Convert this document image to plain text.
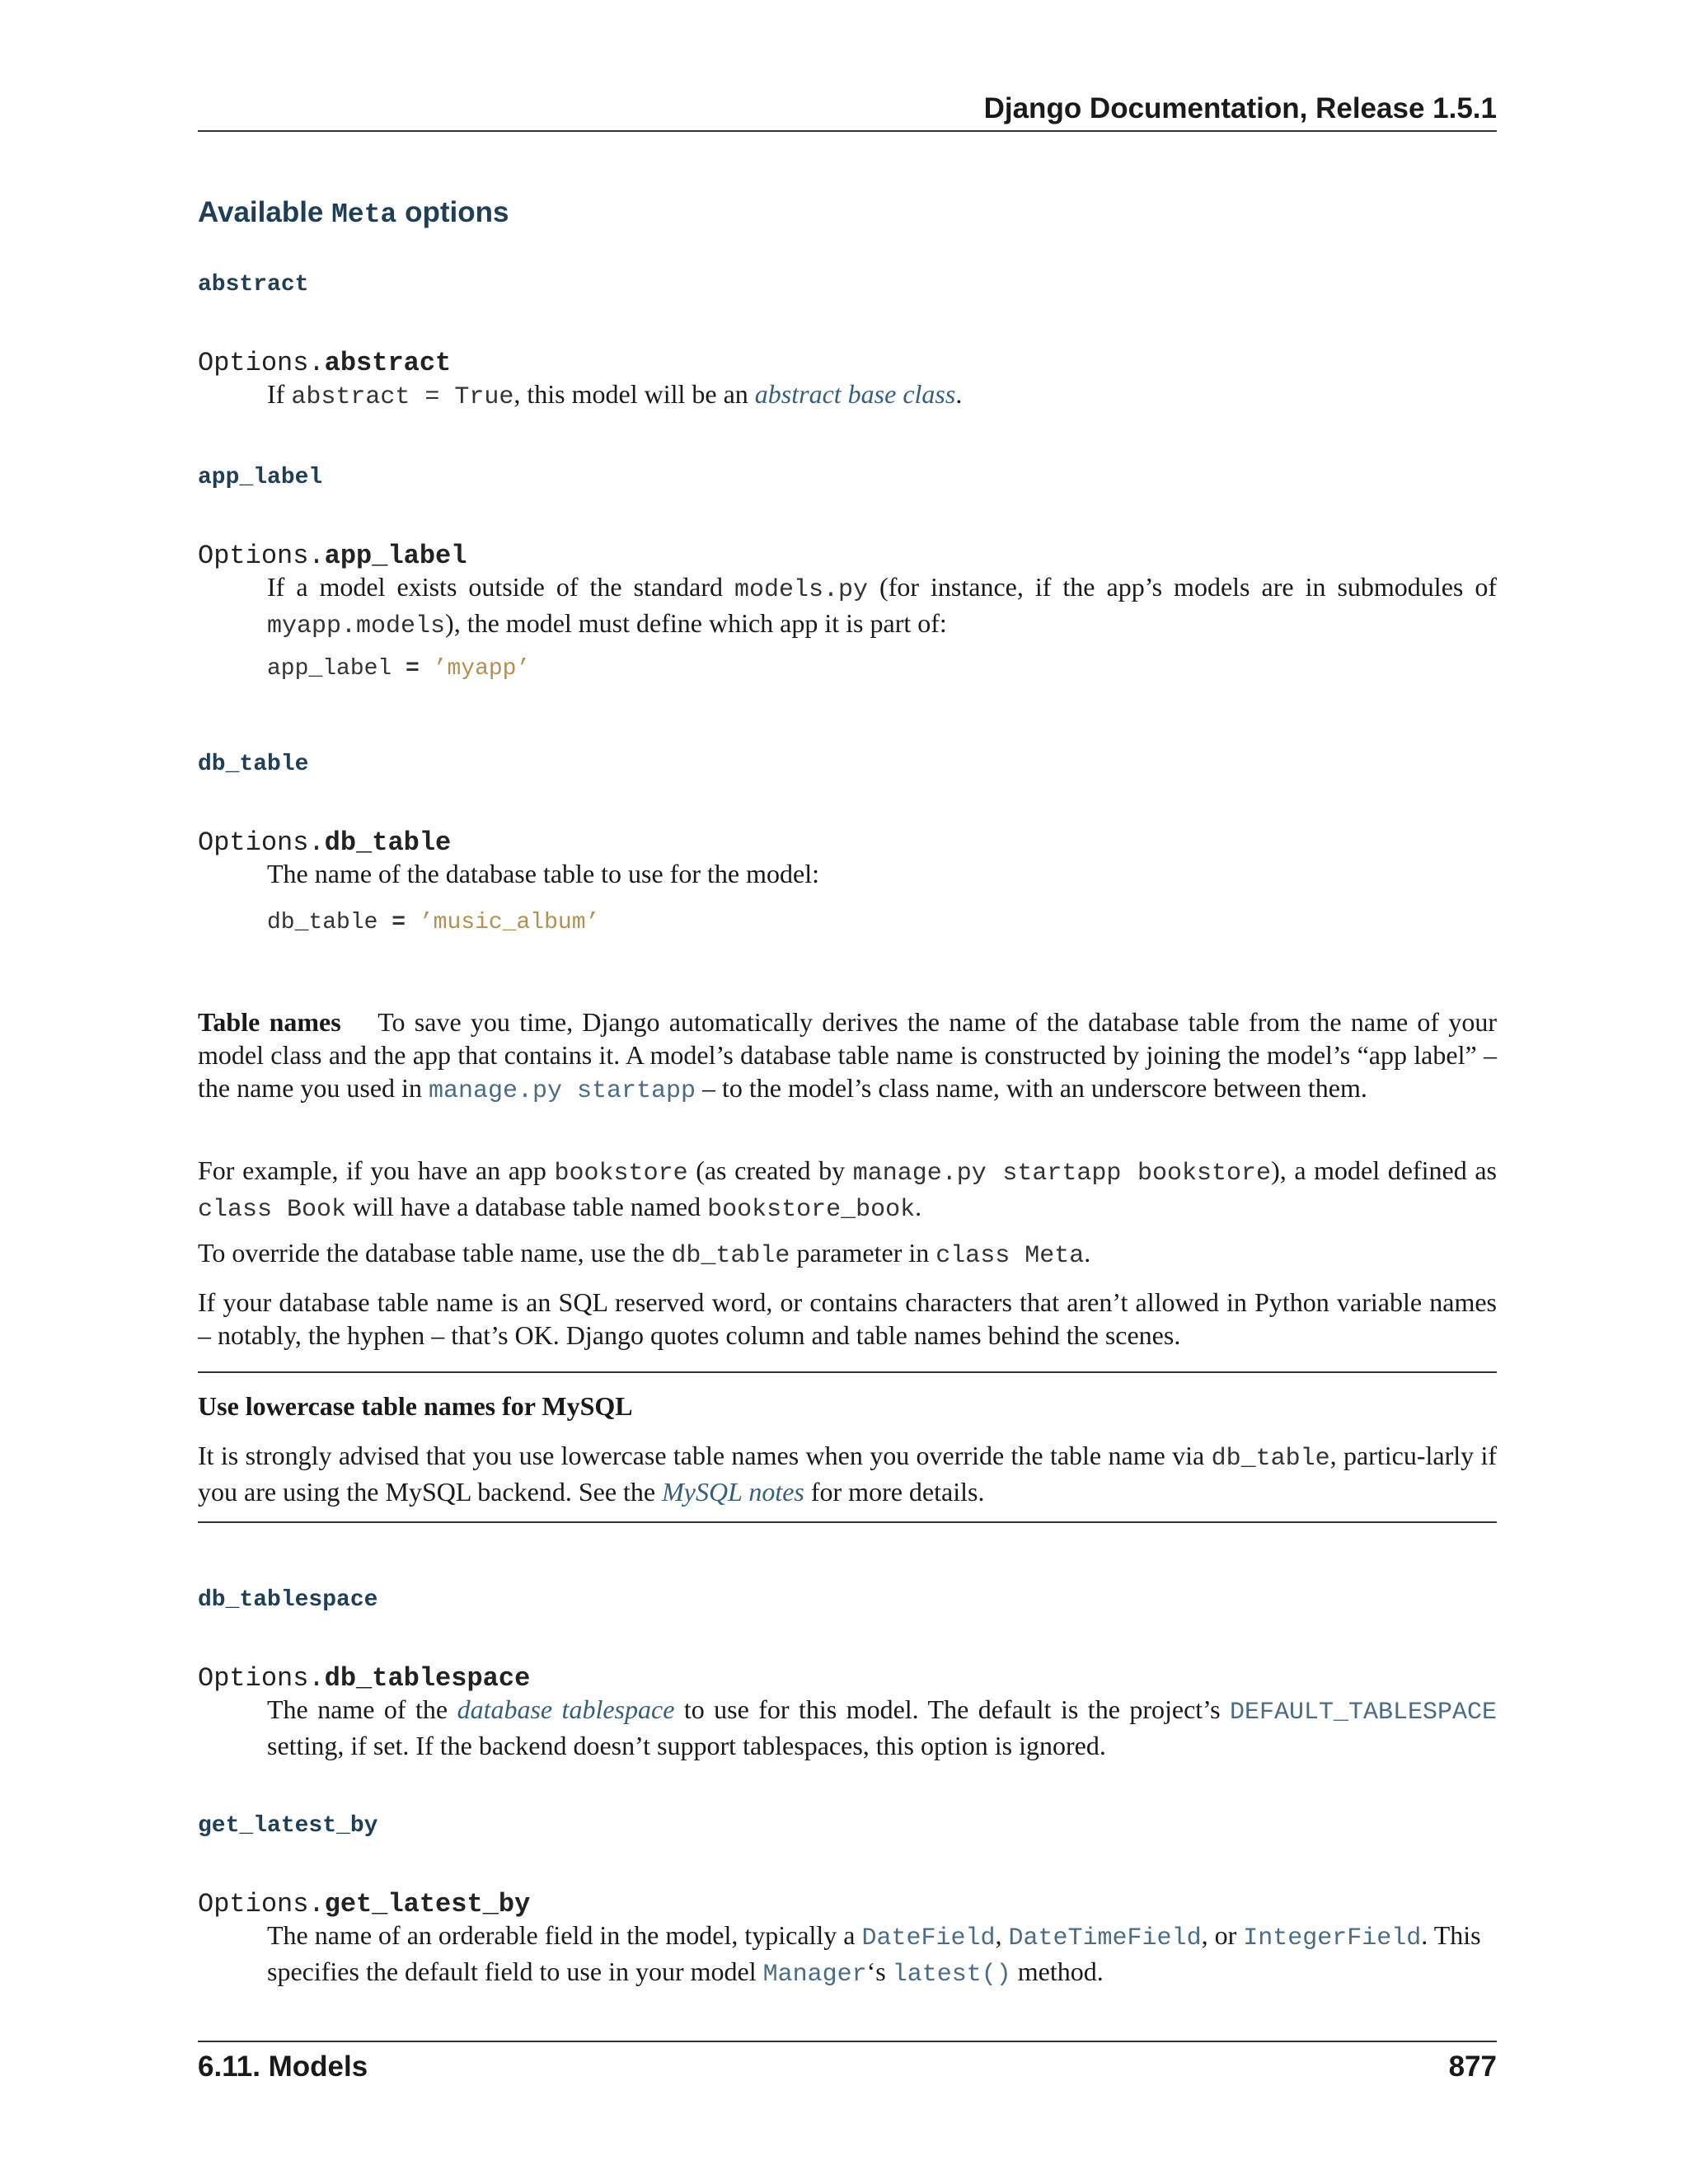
Django Documentation, Release 1.5.1
Available Meta options
abstract
Options.abstract
If abstract = True, this model will be an abstract base class.
app_label
Options.app_label
If a model exists outside of the standard models.py (for instance, if the app’s models are in submodules of myapp.models), the model must define which app it is part of:
app_label = ’myapp’
db_table
Options.db_table
The name of the database table to use for the model:
db_table = ’music_album’
Table names To save you time, Django automatically derives the name of the database table from the name of your model class and the app that contains it. A model’s database table name is constructed by joining the model’s “app label” – the name you used in manage.py startapp – to the model’s class name, with an underscore between them.
For example, if you have an app bookstore (as created by manage.py startapp bookstore), a model defined as class Book will have a database table named bookstore_book.
To override the database table name, use the db_table parameter in class Meta.
If your database table name is an SQL reserved word, or contains characters that aren’t allowed in Python variable names – notably, the hyphen – that’s OK. Django quotes column and table names behind the scenes.
Use lowercase table names for MySQL
It is strongly advised that you use lowercase table names when you override the table name via db_table, particu-larly if you are using the MySQL backend. See the MySQL notes for more details.
db_tablespace
Options.db_tablespace
The name of the database tablespace to use for this model. The default is the project’s DEFAULT_TABLESPACE setting, if set. If the backend doesn’t support tablespaces, this option is ignored.
get_latest_by
Options.get_latest_by
The name of an orderable field in the model, typically a DateField, DateTimeField, or IntegerField. This specifies the default field to use in your model Manager‘s latest() method.
6.11. Models	877
